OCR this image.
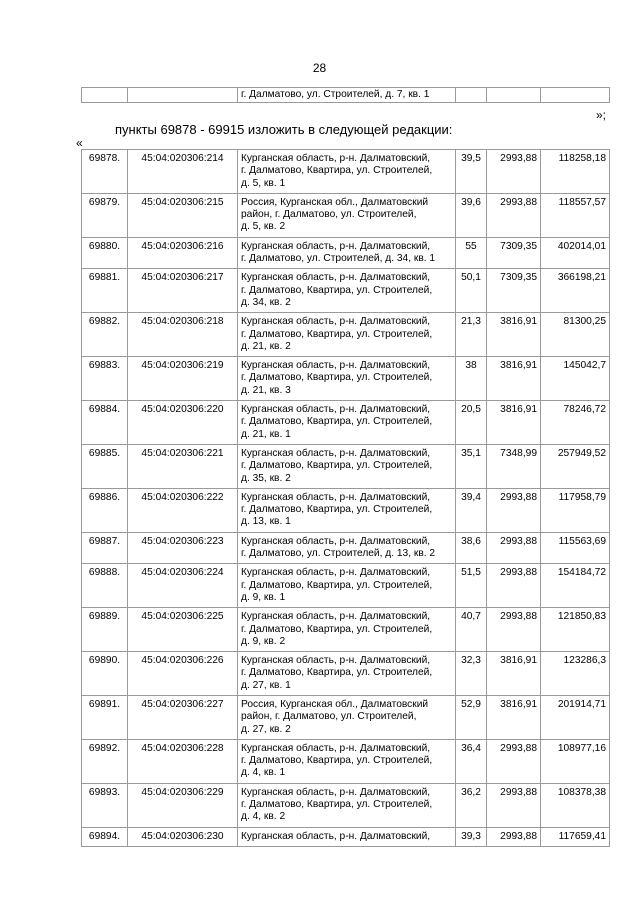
28
		г. Далматово, ул. Строителей, д. 7, кв. 1			
»;
пункты 69878 - 69915 изложить в следующей редакции:
«
69878.	45:04:020306:214	Курганская область, р-н. Далматовский,
г. Далматово, Квартира, ул. Строителей,
д. 5, кв. 1	39,5	2993,88	118258,18
69879.	45:04:020306:215	Россия, Курганская обл., Далматовский
район, г. Далматово, ул. Строителей,
д. 5, кв. 2	39,6	2993,88	118557,57
69880.	45:04:020306:216	Курганская область, р-н. Далматовский,
г. Далматово, ул. Строителей, д. 34, кв. 1	55	7309,35	402014,01
69881.	45:04:020306:217	Курганская область, р-н. Далматовский,
г. Далматово, Квартира, ул. Строителей,
д. 34, кв. 2	50,1	7309,35	366198,21
69882.	45:04:020306:218	Курганская область, р-н. Далматовский,
г. Далматово, Квартира, ул. Строителей,
д. 21, кв. 2	21,3	3816,91	81300,25
69883.	45:04:020306:219	Курганская область, р-н. Далматовский,
г. Далматово, Квартира, ул. Строителей,
д. 21, кв. 3	38	3816,91	145042,7
69884.	45:04:020306:220	Курганская область, р-н. Далматовский,
г. Далматово, Квартира, ул. Строителей,
д. 21, кв. 1	20,5	3816,91	78246,72
69885.	45:04:020306:221	Курганская область, р-н. Далматовский,
г. Далматово, Квартира, ул. Строителей,
д. 35, кв. 2	35,1	7348,99	257949,52
69886.	45:04:020306:222	Курганская область, р-н. Далматовский,
г. Далматово, Квартира, ул. Строителей,
д. 13, кв. 1	39,4	2993,88	117958,79
69887.	45:04:020306:223	Курганская область, р-н. Далматовский,
г. Далматово, ул. Строителей, д. 13, кв. 2	38,6	2993,88	115563,69
69888.	45:04:020306:224	Курганская область, р-н. Далматовский,
г. Далматово, Квартира, ул. Строителей,
д. 9, кв. 1	51,5	2993,88	154184,72
69889.	45:04:020306:225	Курганская область, р-н. Далматовский,
г. Далматово, Квартира, ул. Строителей,
д. 9, кв. 2	40,7	2993,88	121850,83
69890.	45:04:020306:226	Курганская область, р-н. Далматовский,
г. Далматово, Квартира, ул. Строителей,
д. 27, кв. 1	32,3	3816,91	123286,3
69891.	45:04:020306:227	Россия, Курганская обл., Далматовский
район, г. Далматово, ул. Строителей,
д. 27, кв. 2	52,9	3816,91	201914,71
69892.	45:04:020306:228	Курганская область, р-н. Далматовский,
г. Далматово, Квартира, ул. Строителей,
д. 4, кв. 1	36,4	2993,88	108977,16
69893.	45:04:020306:229	Курганская область, р-н. Далматовский,
г. Далматово, Квартира, ул. Строителей,
д. 4, кв. 2	36,2	2993,88	108378,38
69894.	45:04:020306:230	Курганская область, р-н. Далматовский,	39,3	2993,88	117659,41
